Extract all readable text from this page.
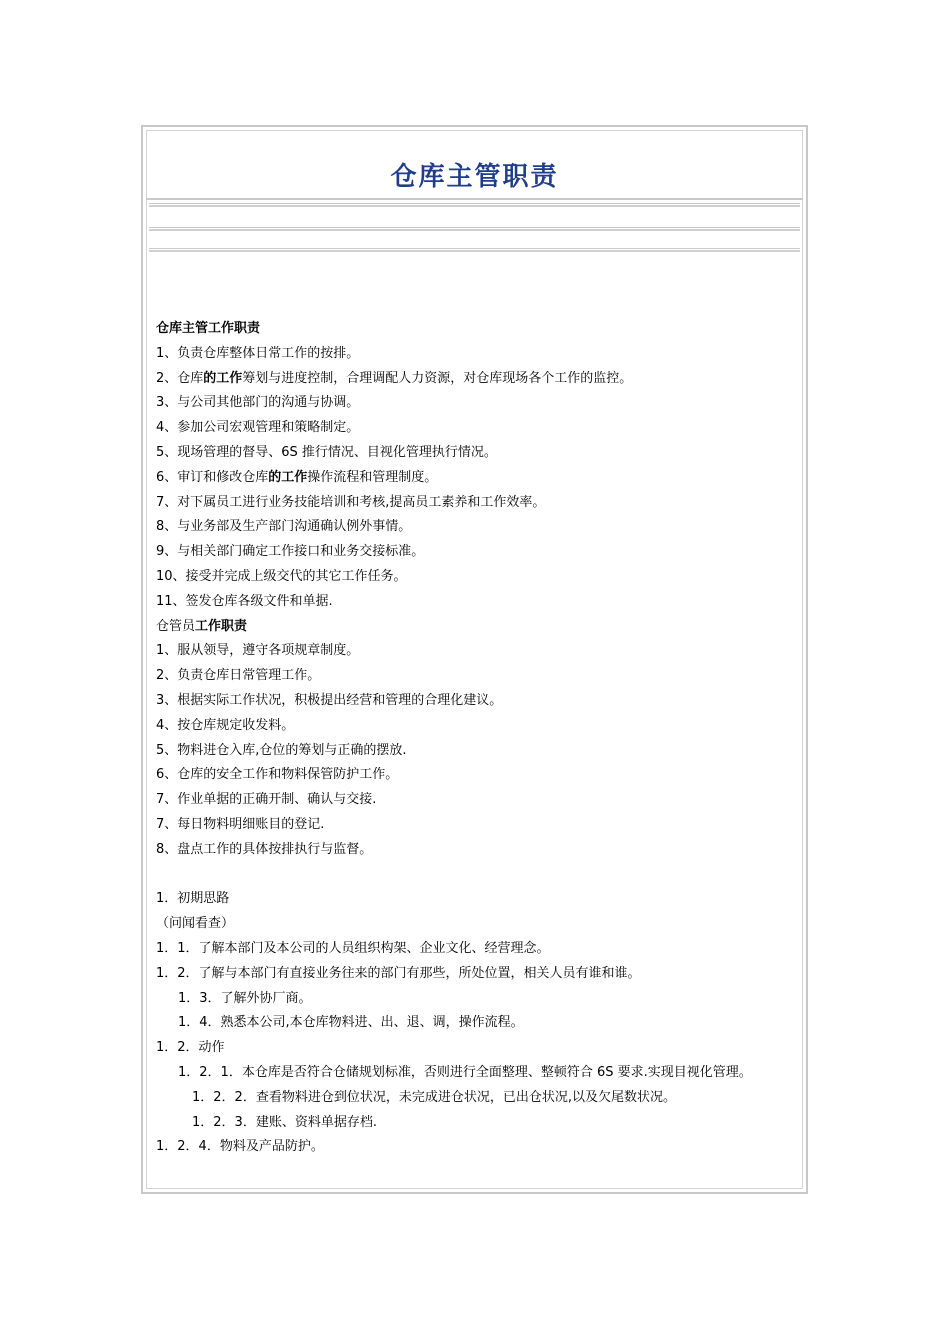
仓库主管职责
仓库主管工作职责
1、负责仓库整体日常工作的按排。
2、仓库的工作筹划与进度控制，合理调配人力资源，对仓库现场各个工作的监控。
3、与公司其他部门的沟通与协调。
4、参加公司宏观管理和策略制定。
5、现场管理的督导、6S 推行情况、目视化管理执行情况。
6、审订和修改仓库的工作操作流程和管理制度。
7、对下属员工进行业务技能培训和考核,提高员工素养和工作效率。
8、与业务部及生产部门沟通确认例外事情。
9、与相关部门确定工作接口和业务交接标准。
10、接受并完成上级交代的其它工作任务。
11、签发仓库各级文件和单据.
仓管员工作职责
1、服从领导，遵守各项规章制度。
2、负责仓库日常管理工作。
3、根据实际工作状况，积极提出经营和管理的合理化建议。
4、按仓库规定收发料。
5、物料进仓入库,仓位的筹划与正确的摆放.
6、仓库的安全工作和物料保管防护工作。
7、作业单据的正确开制、确认与交接.
7、每日物料明细账目的登记.
8、盘点工作的具体按排执行与监督。
1．初期思路
（问闻看查）
1．1．了解本部门及本公司的人员组织构架、企业文化、经营理念。
1．2．了解与本部门有直接业务往来的部门有那些，所处位置，相关人员有谁和谁。
1．3．了解外协厂商。
1．4．熟悉本公司,本仓库物料进、出、退、调，操作流程。
1．2．动作
1．2．1．本仓库是否符合仓储规划标准，否则进行全面整理、整顿符合 6S 要求.实现目视化管理。
1．2．2．查看物料进仓到位状况，未完成进仓状况，已出仓状况,以及欠尾数状况。
1．2．3．建账、资料单据存档.
1．2．4．物料及产品防护。
